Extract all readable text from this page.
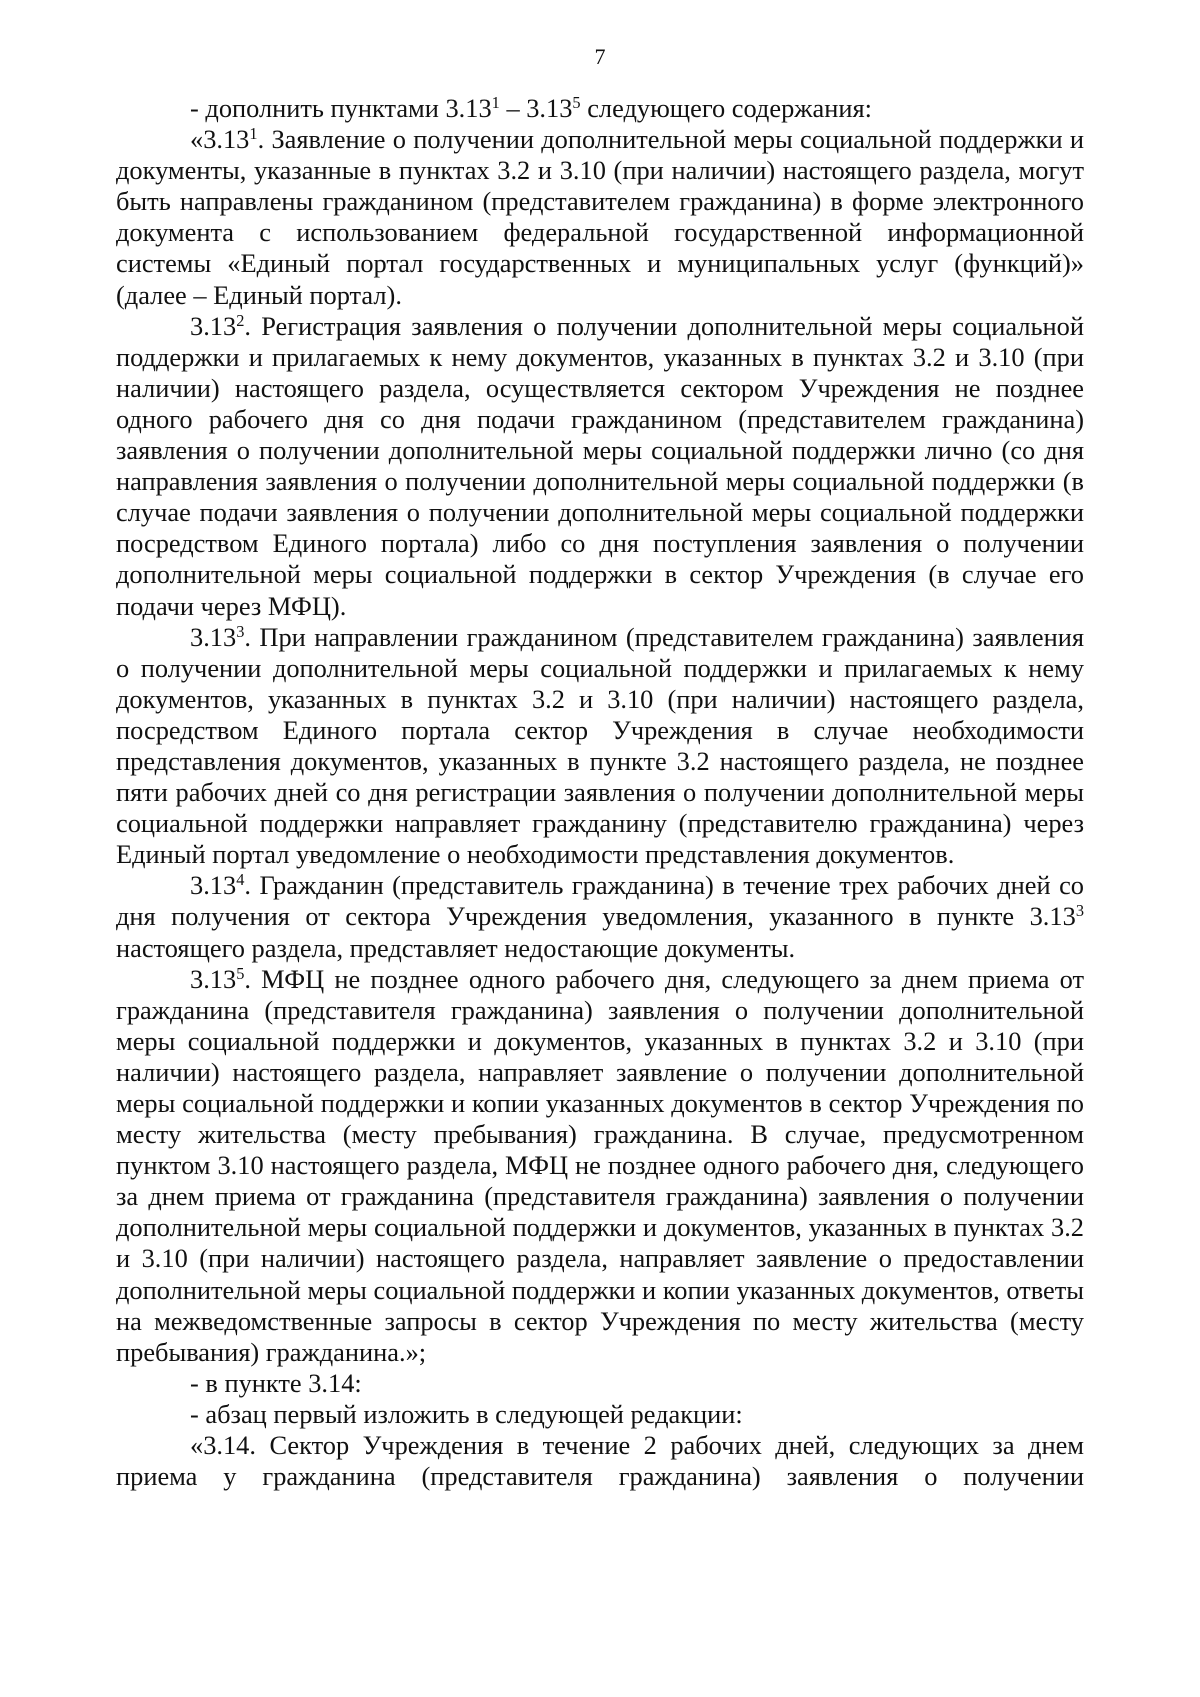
7

- дополнить пунктами 3.13$^1$ – 3.13$^5$ следующего содержания:

«3.13$^1$. Заявление о получении дополнительной меры социальной поддержки и документы, указанные в пунктах 3.2 и 3.10 (при наличии) настоящего раздела, могут быть направлены гражданином (представителем гражданина) в форме электронного документа с использованием федеральной государственной информационной системы «Единый портал государственных и муниципальных услуг (функций)» (далее – Единый портал).

3.13$^2$. Регистрация заявления о получении дополнительной меры социальной поддержки и прилагаемых к нему документов, указанных в пунктах 3.2 и 3.10 (при наличии) настоящего раздела, осуществляется сектором Учреждения не позднее одного рабочего дня со дня подачи гражданином (представителем гражданина) заявления о получении дополнительной меры социальной поддержки лично (со дня направления заявления о получении дополнительной меры социальной поддержки (в случае подачи заявления о получении дополнительной меры социальной поддержки посредством Единого портала) либо со дня поступления заявления о получении дополнительной меры социальной поддержки в сектор Учреждения (в случае его подачи через МФЦ).

3.13$^3$. При направлении гражданином (представителем гражданина) заявления о получении дополнительной меры социальной поддержки и прилагаемых к нему документов, указанных в пунктах 3.2 и 3.10 (при наличии) настоящего раздела, посредством Единого портала сектор Учреждения в случае необходимости представления документов, указанных в пункте 3.2 настоящего раздела, не позднее пяти рабочих дней со дня регистрации заявления о получении дополнительной меры социальной поддержки направляет гражданину (представителю гражданина) через Единый портал уведомление о необходимости представления документов.

3.13$^4$. Гражданин (представитель гражданина) в течение трех рабочих дней со дня получения от сектора Учреждения уведомления, указанного в пункте 3.13$^3$ настоящего раздела, представляет недостающие документы.

3.13$^5$. МФЦ не позднее одного рабочего дня, следующего за днем приема от гражданина (представителя гражданина) заявления о получении дополнительной меры социальной поддержки и документов, указанных в пунктах 3.2 и 3.10 (при наличии) настоящего раздела, направляет заявление о получении дополнительной меры социальной поддержки и копии указанных документов в сектор Учреждения по месту жительства (месту пребывания) гражданина. В случае, предусмотренном пунктом 3.10 настоящего раздела, МФЦ не позднее одного рабочего дня, следующего за днем приема от гражданина (представителя гражданина) заявления о получении дополнительной меры социальной поддержки и документов, указанных в пунктах 3.2 и 3.10 (при наличии) настоящего раздела, направляет заявление о предоставлении дополнительной меры социальной поддержки и копии указанных документов, ответы на межведомственные запросы в сектор Учреждения по месту жительства (месту пребывания) гражданина.»;

- в пункте 3.14:

- абзац первый изложить в следующей редакции:

«3.14. Сектор Учреждения в течение 2 рабочих дней, следующих за днем приема у гражданина (представителя гражданина) заявления о получении
